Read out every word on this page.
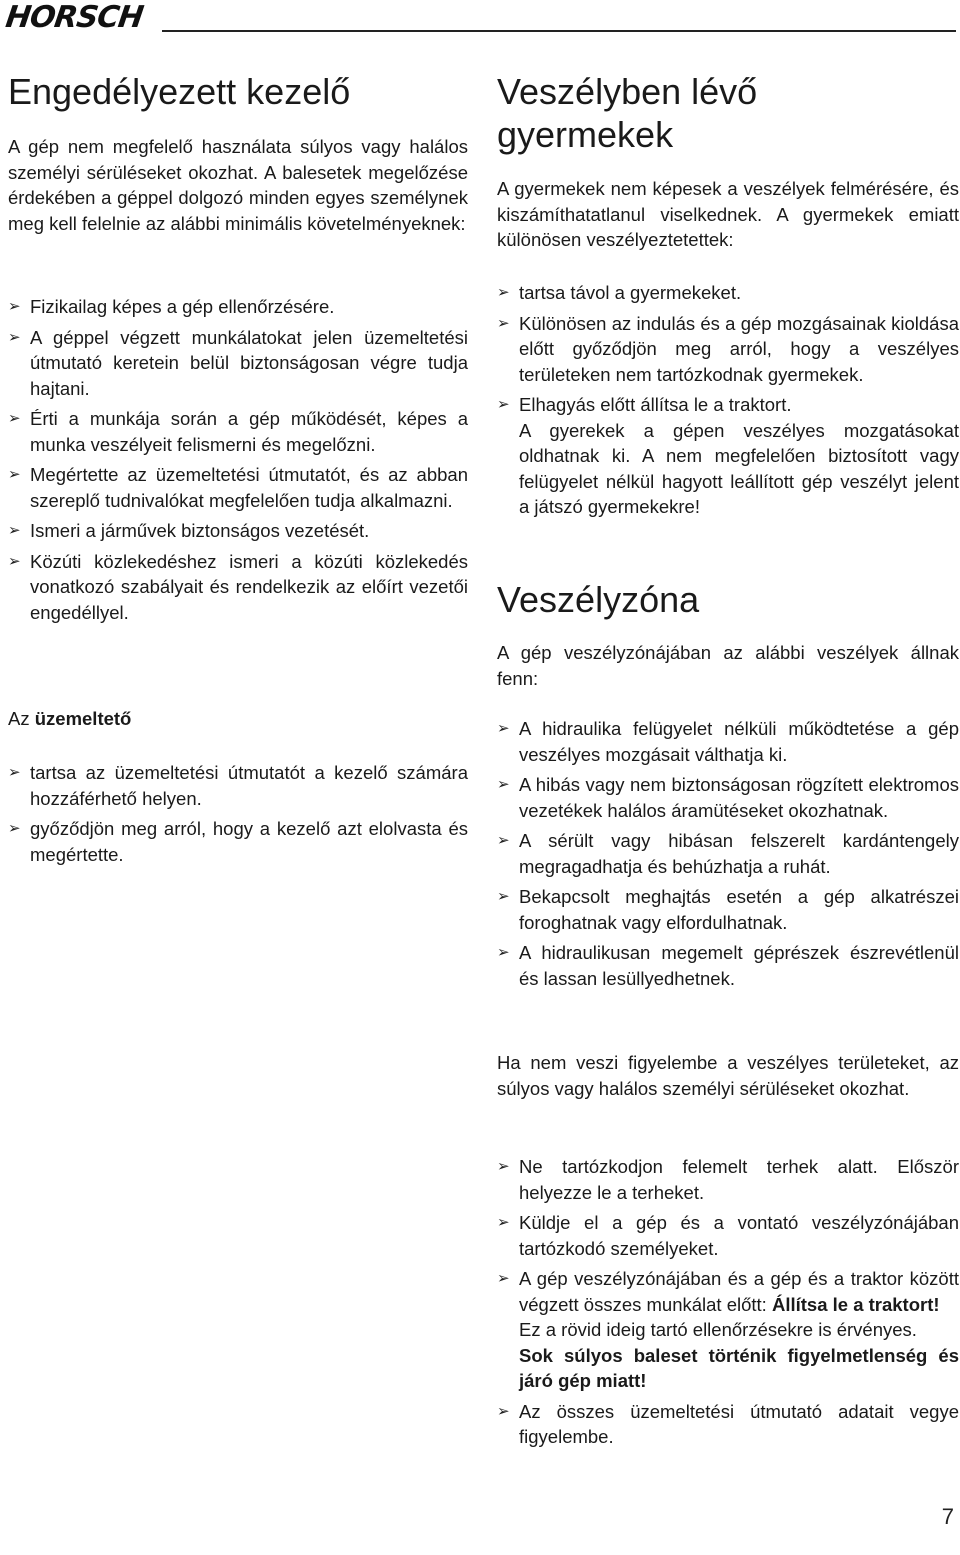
HORSCH
Engedélyezett kezelő

A gép nem megfelelő használata súlyos vagy halálos személyi sérüléseket okozhat. A balesetek megelőzése érdekében a géppel dolgozó minden egyes személynek meg kell felelnie az alábbi minimális követelményeknek:

➢ Fizikailag képes a gép ellenőrzésére.
➢ A géppel végzett munkálatokat jelen üzemeltetési útmutató keretein belül biztonságosan végre tudja hajtani.
➢ Érti a munkája során a gép működését, képes a munka veszélyeit felismerni és megelőzni.
➢ Megértette az üzemeltetési útmutatót, és az abban szereplő tudnivalókat megfelelően tudja alkalmazni.
➢ Ismeri a járművek biztonságos vezetését.
➢ Közúti közlekedéshez ismeri a közúti közlekedés vonatkozó szabályait és rendelkezik az előírt vezetői engedéllyel.

Az üzemeltető

➢ tartsa az üzemeltetési útmutatót a kezelő számára hozzáférhető helyen.
➢ győződjön meg arról, hogy a kezelő azt elolvasta és megértette.
Veszélyben lévő
gyermekek

A gyermekek nem képesek a veszélyek felmérésére, és kiszámíthatatlanul viselkednek. A gyermekek emiatt különösen veszélyeztetettek:

➢ tartsa távol a gyermekeket.
➢ Különösen az indulás és a gép mozgásainak kioldása előtt győződjön meg arról, hogy a veszélyes területeken nem tartózkodnak gyermekek.
➢ Elhagyás előtt állítsa le a traktort.
A gyerekek a gépen veszélyes mozgatásokat oldhatnak ki. A nem megfelelően biztosított vagy felügyelet nélkül hagyott leállított gép veszélyt jelent a játszó gyermekekre!
Veszélyzóna

A gép veszélyzónájában az alábbi veszélyek állnak fenn:

➢ A hidraulika felügyelet nélküli működtetése a gép veszélyes mozgásait válthatja ki.
➢ A hibás vagy nem biztonságosan rögzített elektromos vezetékek halálos áramütéseket okozhatnak.
➢ A sérült vagy hibásan felszerelt kardántengely megragadhatja és behúzhatja a ruhát.
➢ Bekapcsolt meghajtás esetén a gép alkatrészei foroghatnak vagy elfordulhatnak.
➢ A hidraulikusan megemelt géprészek észrevétlenül és lassan lesüllyedhetnek.

Ha nem veszi figyelembe a veszélyes területeket, az súlyos vagy halálos személyi sérüléseket okozhat.

➢ Ne tartózkodjon felemelt terhek alatt. Először helyezze le a terheket.
➢ Küldje el a gép és a vontató veszélyzónájában tartózkodó személyeket.
➢ A gép veszélyzónájában és a gép és a traktor között végzett összes munkálat előtt: Állítsa le a traktort!
Ez a rövid ideig tartó ellenőrzésekre is érvényes.
Sok súlyos baleset történik figyelmetlenség és járó gép miatt!
➢ Az összes üzemeltetési útmutató adatait vegye figyelembe.
7
